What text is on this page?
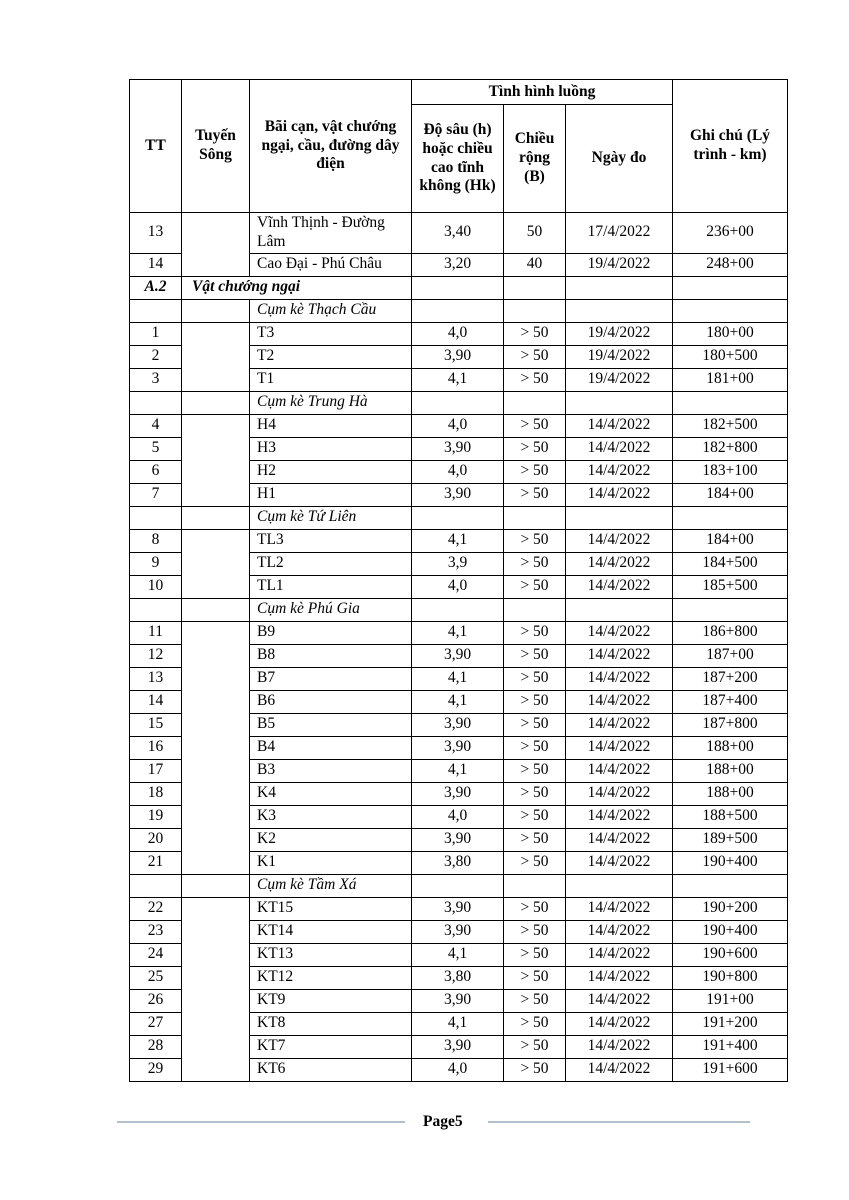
TT	Tuyến Sông	Bãi cạn, vật chướng ngại, cầu, đường dây điện	Tình hình luồng			Ghi chú (Lý trình - km)
			Độ sâu (h) hoặc chiều cao tĩnh không (Hk)	Chiều rộng (B)	Ngày đo	
13		Vĩnh Thịnh - Đường Lâm	3,40	50	17/4/2022	236+00
14		Cao Đại - Phú Châu	3,20	40	19/4/2022	248+00
A.2	Vật chướng ngại					
		Cụm kè Thạch Cầu				
1		T3	4,0	> 50	19/4/2022	180+00
2		T2	3,90	> 50	19/4/2022	180+500
3		T1	4,1	> 50	19/4/2022	181+00
		Cụm kè Trung Hà				
4		H4	4,0	> 50	14/4/2022	182+500
5		H3	3,90	> 50	14/4/2022	182+800
6		H2	4,0	> 50	14/4/2022	183+100
7		H1	3,90	> 50	14/4/2022	184+00
		Cụm kè Tứ Liên				
8		TL3	4,1	> 50	14/4/2022	184+00
9		TL2	3,9	> 50	14/4/2022	184+500
10		TL1	4,0	> 50	14/4/2022	185+500
		Cụm kè Phú Gia				
11		B9	4,1	> 50	14/4/2022	186+800
12		B8	3,90	> 50	14/4/2022	187+00
13		B7	4,1	> 50	14/4/2022	187+200
14		B6	4,1	> 50	14/4/2022	187+400
15		B5	3,90	> 50	14/4/2022	187+800
16		B4	3,90	> 50	14/4/2022	188+00
17		B3	4,1	> 50	14/4/2022	188+00
18		K4	3,90	> 50	14/4/2022	188+00
19		K3	4,0	> 50	14/4/2022	188+500
20		K2	3,90	> 50	14/4/2022	189+500
21		K1	3,80	> 50	14/4/2022	190+400
		Cụm kè Tầm Xá				
22		KT15	3,90	> 50	14/4/2022	190+200
23		KT14	3,90	> 50	14/4/2022	190+400
24		KT13	4,1	> 50	14/4/2022	190+600
25		KT12	3,80	> 50	14/4/2022	190+800
26		KT9	3,90	> 50	14/4/2022	191+00
27		KT8	4,1	> 50	14/4/2022	191+200
28		KT7	3,90	> 50	14/4/2022	191+400
29		KT6	4,0	> 50	14/4/2022	191+600
Page5
